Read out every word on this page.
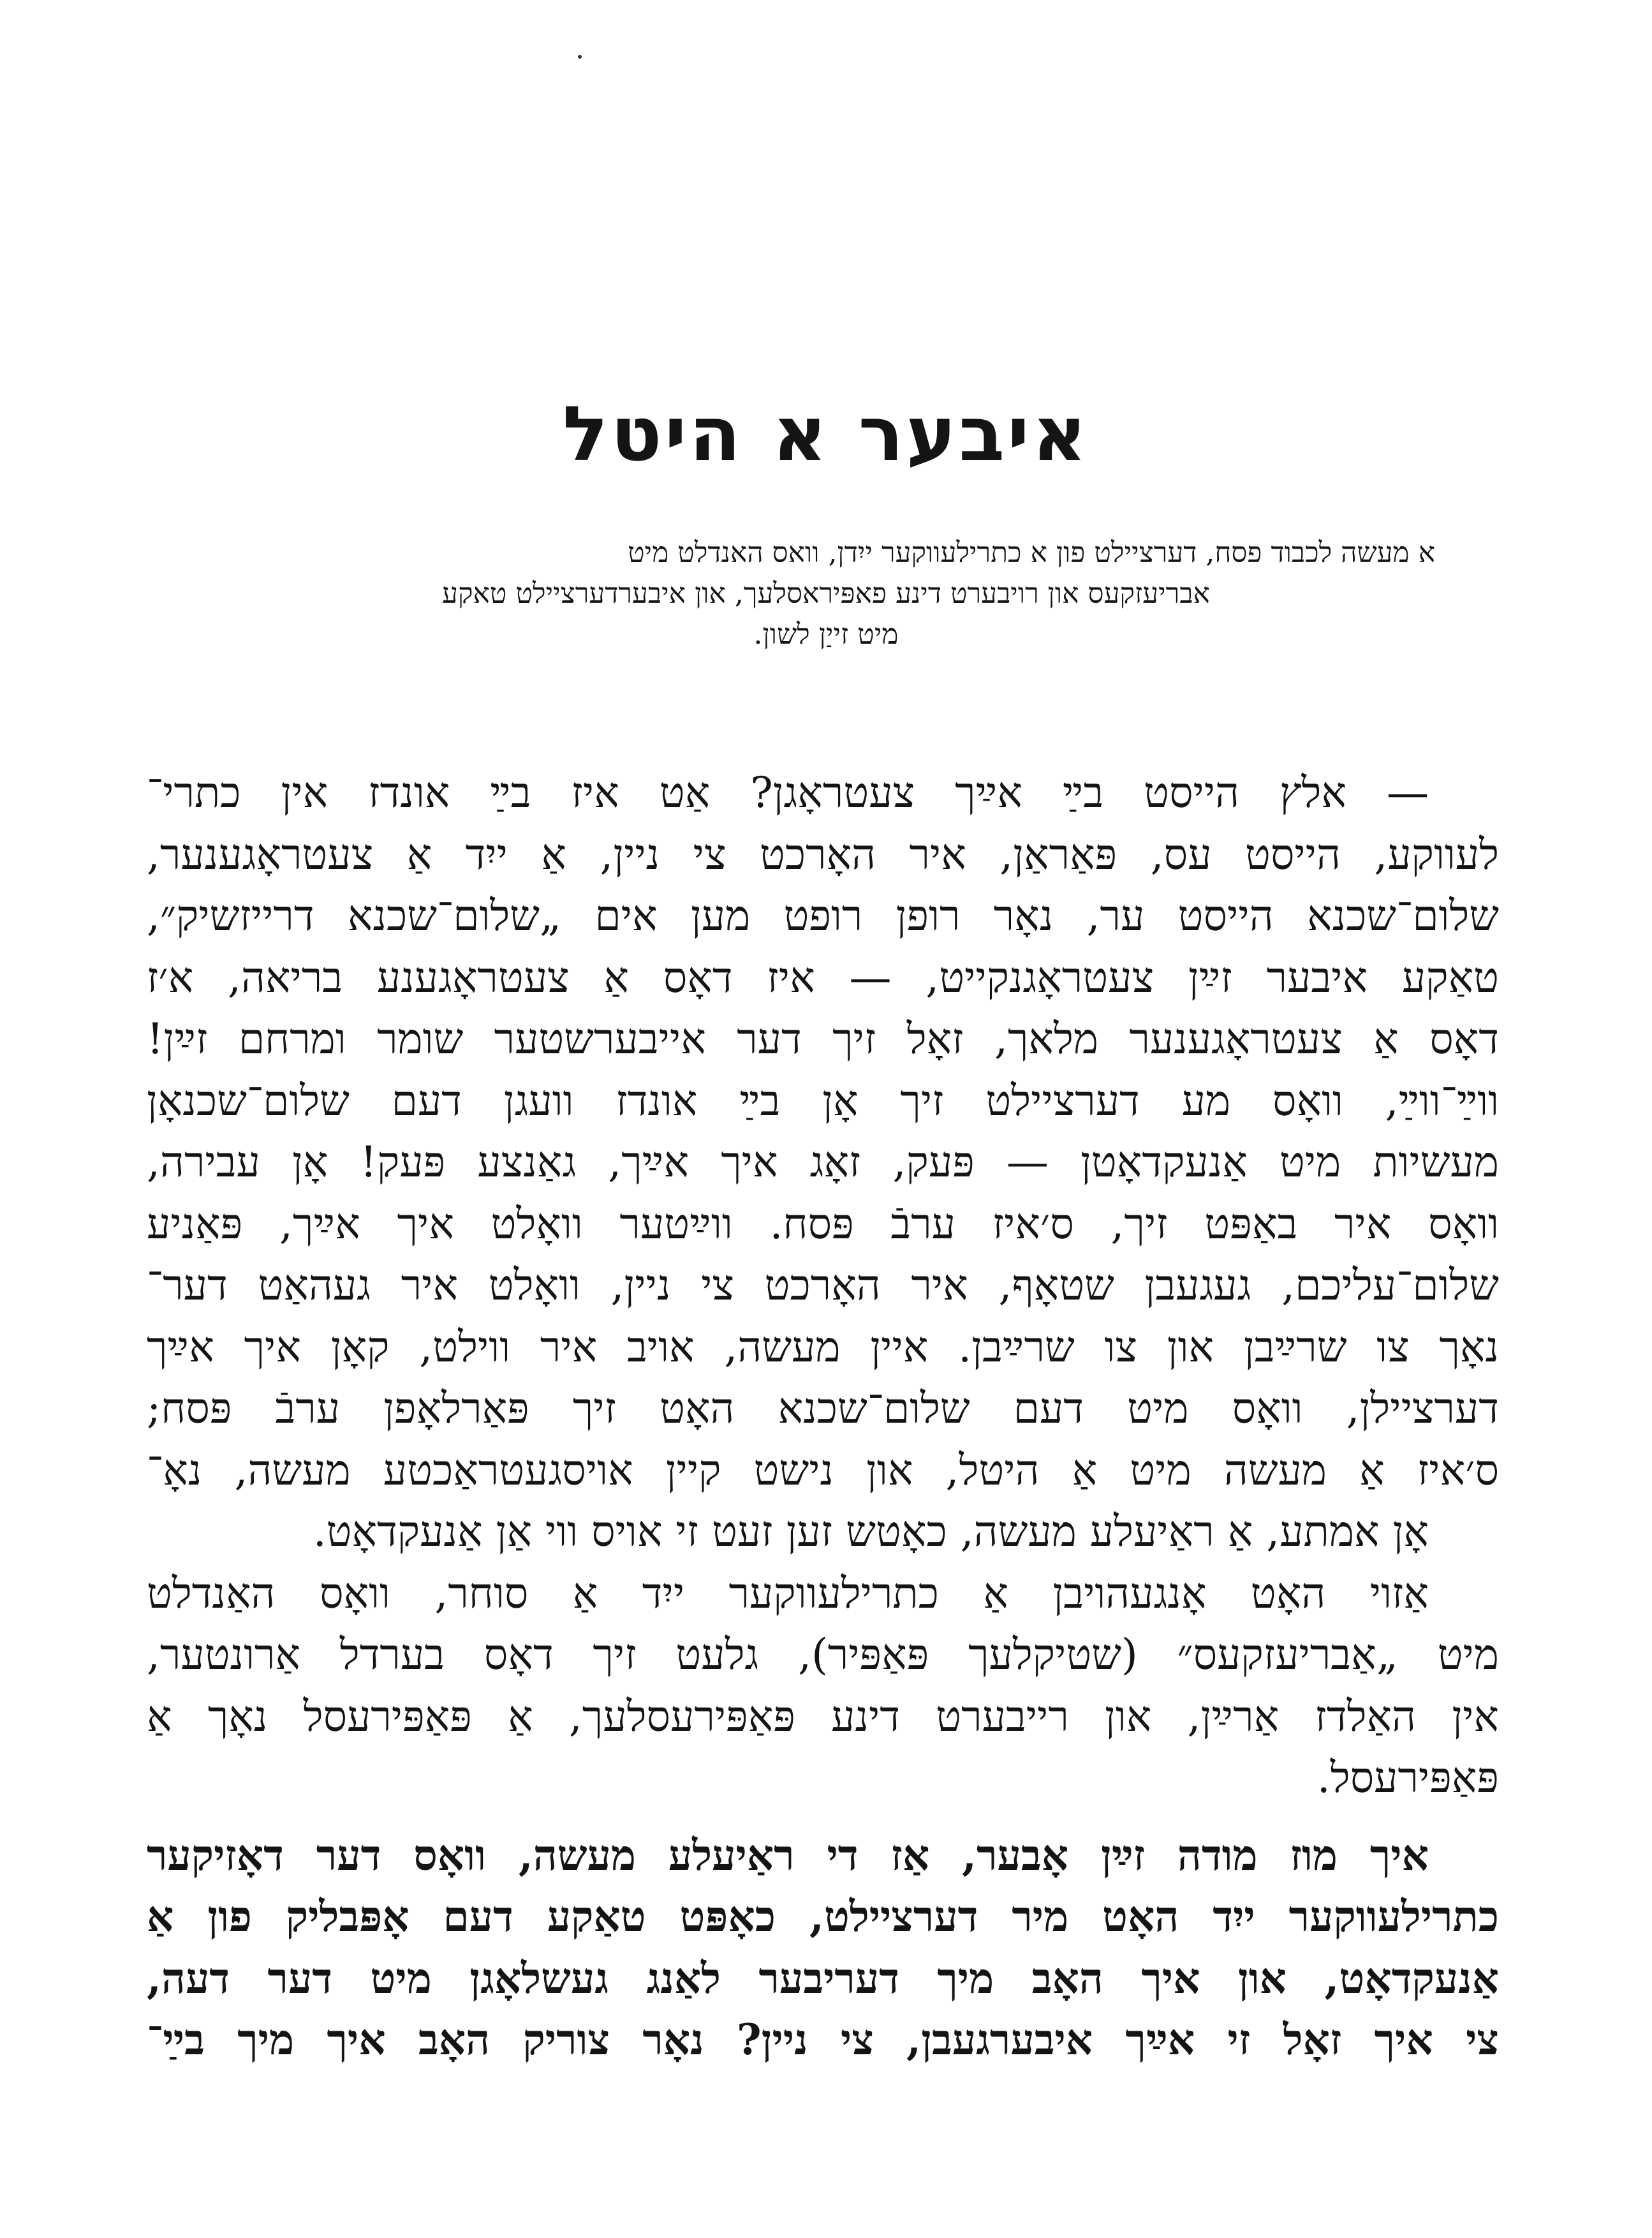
איבער א היטל
א מעשה לכבוד פסח, דערציילט פון א כתרילעווקער ייִדן, וואס האנדלט מיט
אבריעזקעס און רויבערט דינע פאפּיראסלעך, און איבערדערציילט טאקע
מיט זייַן לשון.
— אלץ הייסט בײַ אײַך צעטראָגן? אַט איז בײַ אונדז אין כתרי־
לעווקע, הייסט עס, פּאַראַן, איר האָרכט צי ניין, אַ ייִד אַ צעטראָגענער,
שלום־שכנא הייסט ער, נאָר רופן רופט מען אים „שלום־שכנא דרייזשיק״,
טאַקע איבער זײַן צעטראָגנקייט, — איז דאָס אַ צעטראָגענע בריאה, א׳ז
דאָס אַ צעטראָגענער מלאך, זאָל זיך דער אייבערשטער שומר ומרחם זײַן!
ווײַ־ווײַ, וואָס מע דערציילט זיך אָן בײַ אונדז וועגן דעם שלום־שכנאָן
מעשיות מיט אַנעקדאָטן — פּעק, זאָג איך אײַך, גאַנצע פּעק! אָן עבירה,
וואָס איר באַפּט זיך, ס׳איז ערבֿ פּסח. ווײַטער וואָלט איך אײַך, פּאַניע
שלום־עליכם, געגעבן שטאָף, איר האָרכט צי ניין, וואָלט איר געהאַט דער־
נאָך צו שרײַבן און צו שרײַבן. איין מעשה, אויב איר ווילט, קאָן איך אײַך
דערציילן, וואָס מיט דעם שלום־שכנא האָט זיך פּאַרלאָפן ערבֿ פּסח;
ס׳איז אַ מעשה מיט אַ היטל, און נישט קיין אויסגעטראַכטע מעשה, נאָ־
אָן אמתע, אַ ראַיעלע מעשה, כאָטש זען זעט זי אויס ווי אַן אַנעקדאָט.
אַזוי האָט אָנגעהויבן אַ כתרילעווקער ייִד אַ סוחר, וואָס האַנדלט
מיט „אַבריעזקעס״ (שטיקלעך פּאַפּיר), גלעט זיך דאָס בערדל אַרונטער,
אין האַלדז אַרײַן, און רייבערט דינע פּאַפּירעסלעך, אַ פּאַפּירעסל נאָך אַ
פּאַפּירעסל.
איך מוז מודה זײַן אָבער, אַז די ראַיעלע מעשה, וואָס דער דאָזיקער
כתרילעווקער ייִד האָט מיר דערציילט, כאָפּט טאַקע דעם אָפּבליק פון אַ
אַנעקדאָט, און איך האָב מיך דעריבער לאַנג געשלאָגן מיט דער דעה,
צי איך זאָל זי אײַך איבערגעבן, צי ניין? נאָר צוריק האָב איך מיך בײַ־
